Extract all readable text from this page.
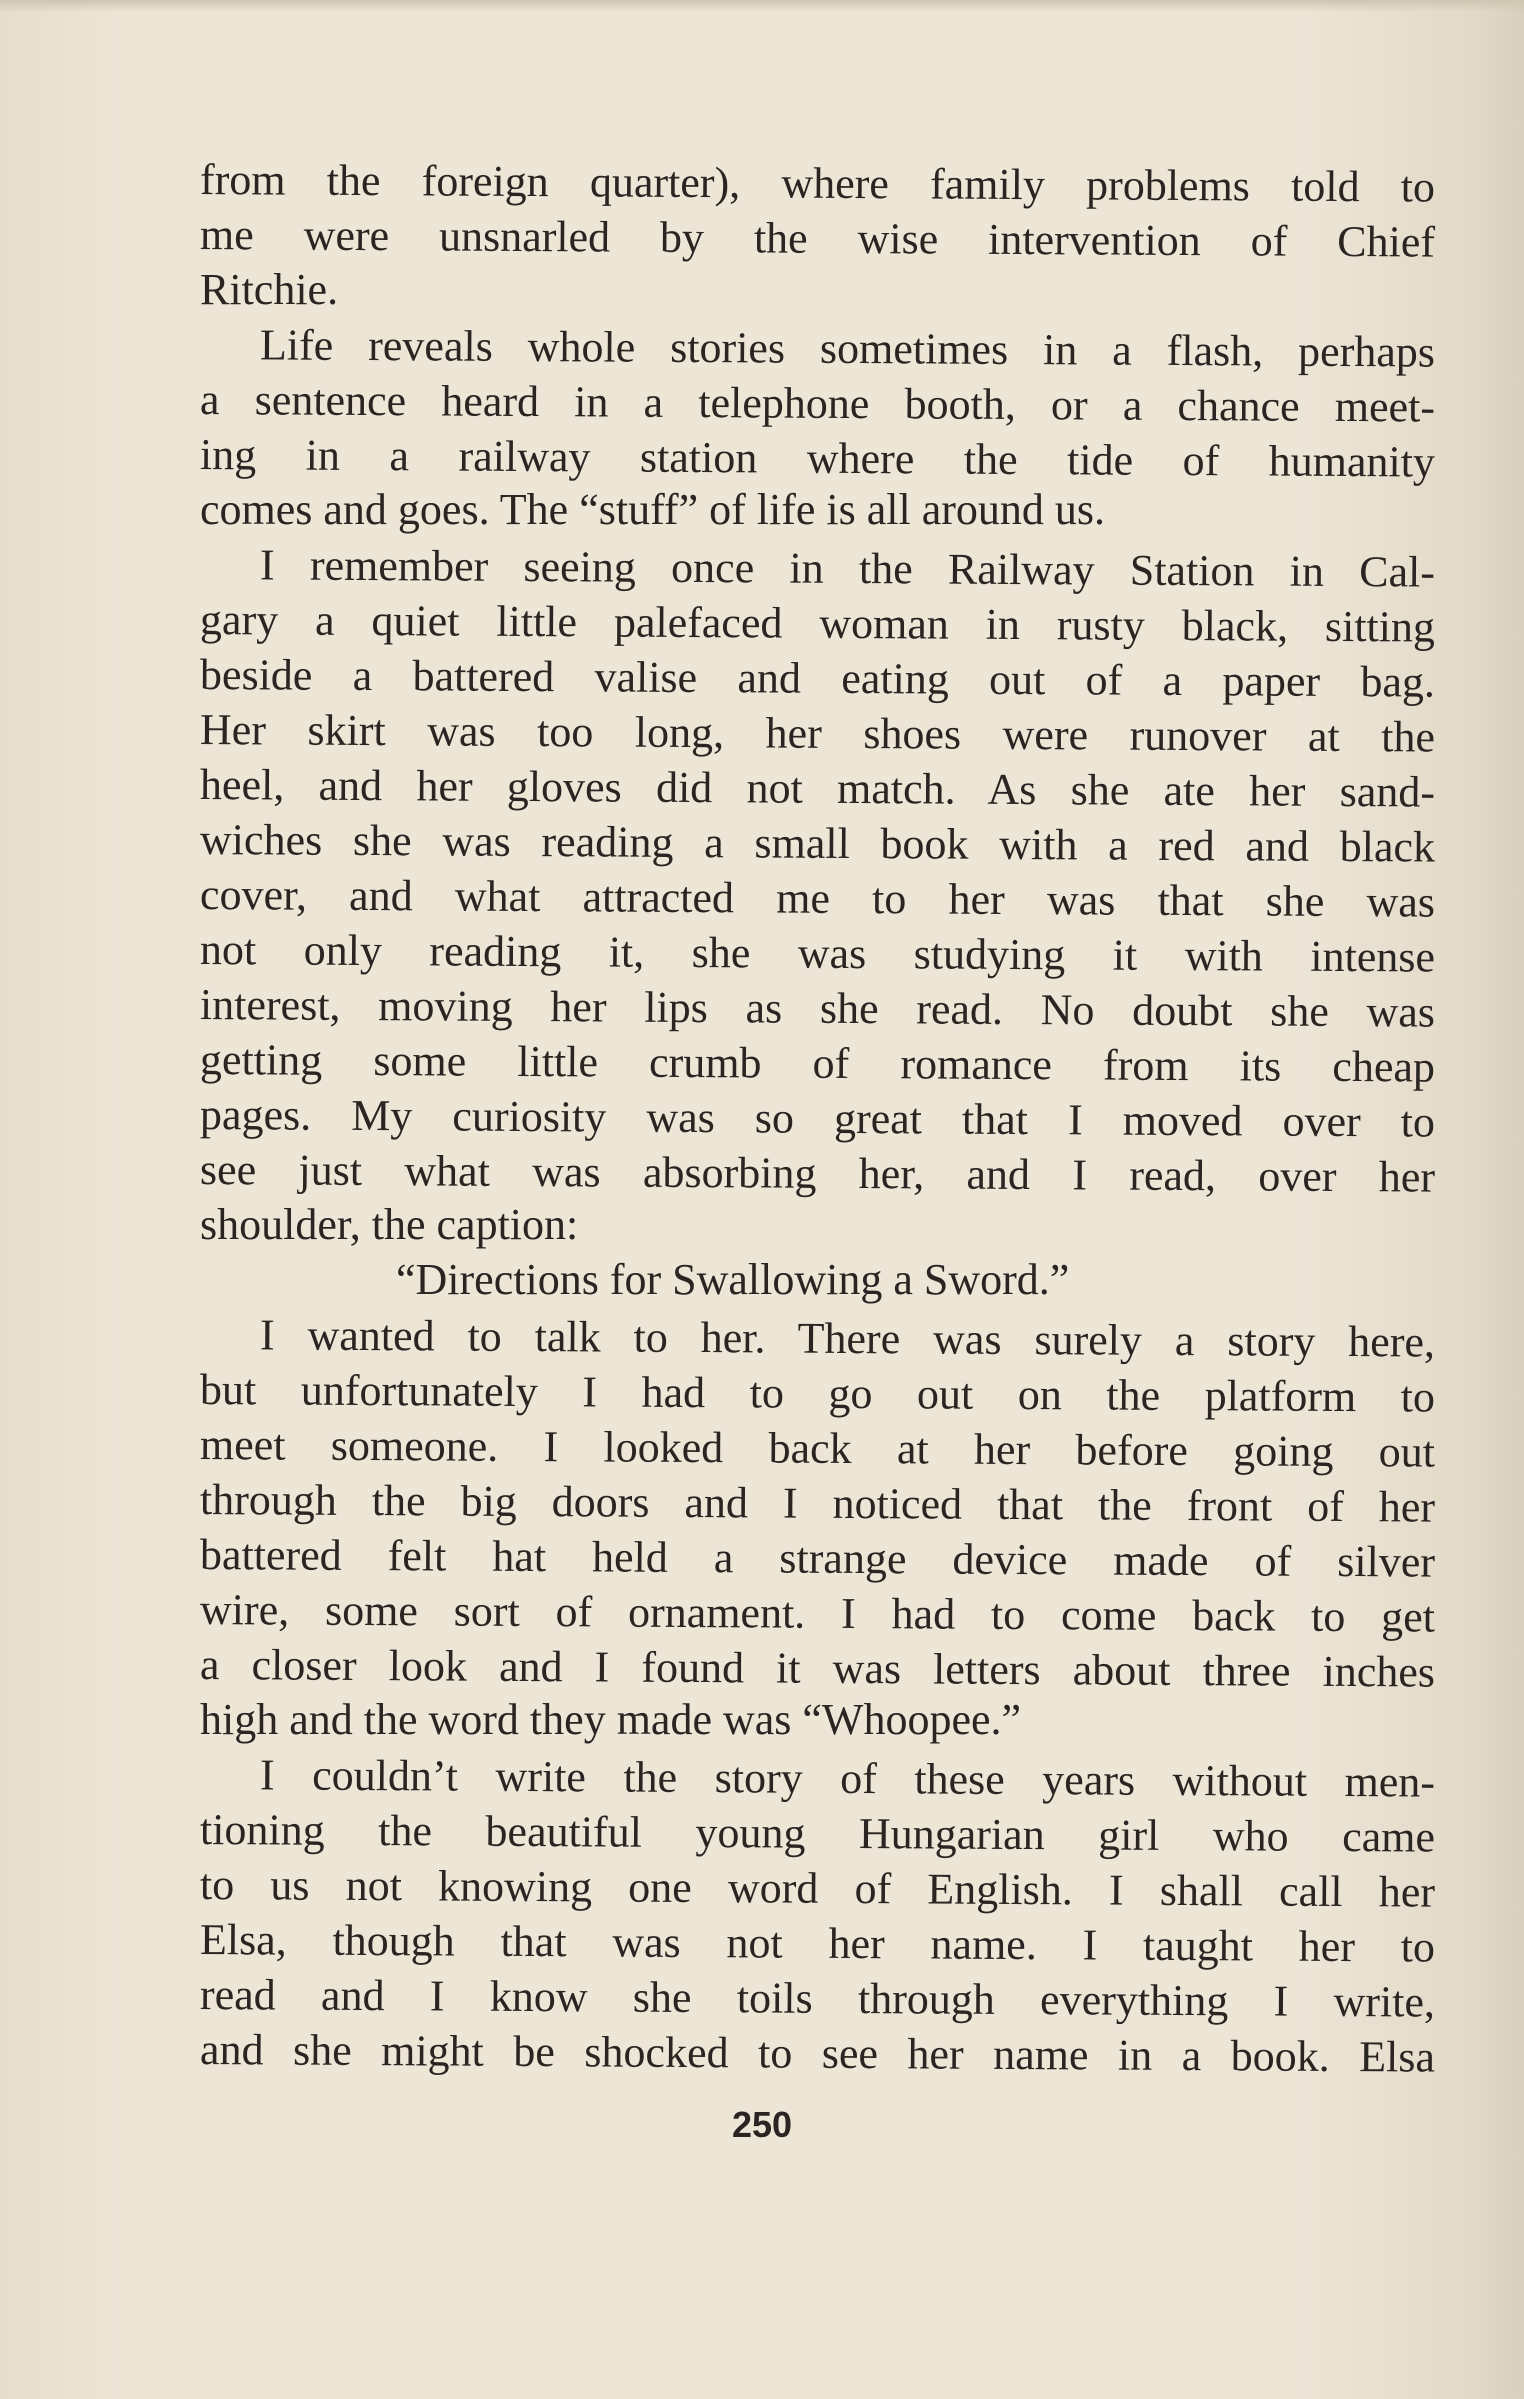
from the foreign quarter), where family problems told to
me were unsnarled by the wise intervention of Chief
Ritchie.
Life reveals whole stories sometimes in a flash, perhaps
a sentence heard in a telephone booth, or a chance meet-
ing in a railway station where the tide of humanity
comes and goes. The “stuff” of life is all around us.
I remember seeing once in the Railway Station in Cal-
gary a quiet little palefaced woman in rusty black, sitting
beside a battered valise and eating out of a paper bag.
Her skirt was too long, her shoes were runover at the
heel, and her gloves did not match. As she ate her sand-
wiches she was reading a small book with a red and black
cover, and what attracted me to her was that she was
not only reading it, she was studying it with intense
interest, moving her lips as she read. No doubt she was
getting some little crumb of romance from its cheap
pages. My curiosity was so great that I moved over to
see just what was absorbing her, and I read, over her
shoulder, the caption:
“Directions for Swallowing a Sword.”
I wanted to talk to her. There was surely a story here,
but unfortunately I had to go out on the platform to
meet someone. I looked back at her before going out
through the big doors and I noticed that the front of her
battered felt hat held a strange device made of silver
wire, some sort of ornament. I had to come back to get
a closer look and I found it was letters about three inches
high and the word they made was “Whoopee.”
I couldn’t write the story of these years without men-
tioning the beautiful young Hungarian girl who came
to us not knowing one word of English. I shall call her
Elsa, though that was not her name. I taught her to
read and I know she toils through everything I write,
and she might be shocked to see her name in a book. Elsa
250
